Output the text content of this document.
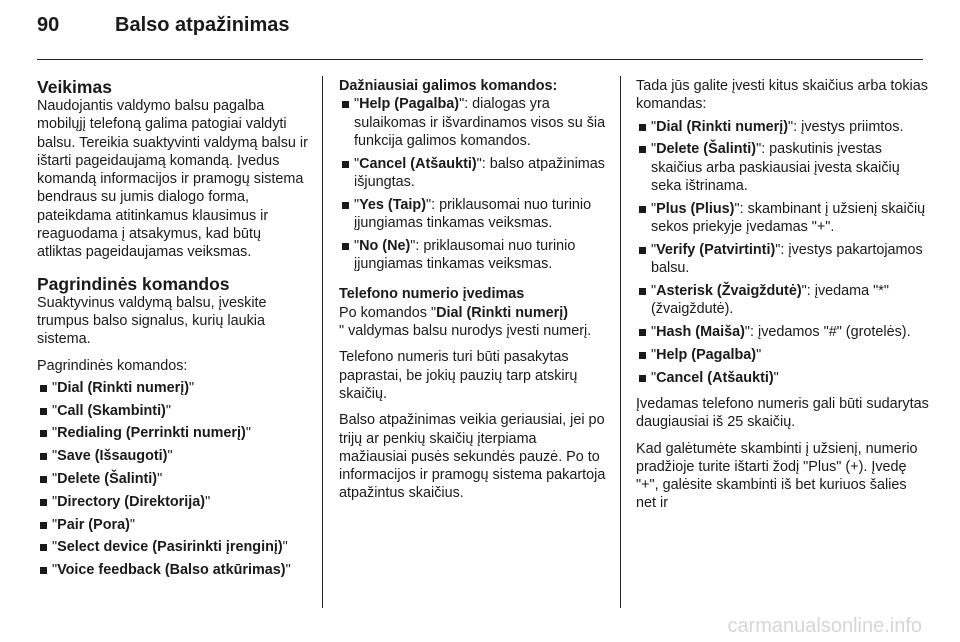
90	Balso atpažinimas
Veikimas

Naudojantis valdymo balsu pagalba mobilųjį telefoną galima patogiai valdyti balsu. Tereikia suaktyvinti valdymą balsu ir ištarti pageidaujamą komandą. Įvedus komandą informacijos ir pramogų sistema bendraus su jumis dialogo forma, pateikdama atitinkamus klausimus ir reaguodama į atsakymus, kad būtų atliktas pageidaujamas veiksmas.

Pagrindinės komandos

Suaktyvinus valdymą balsu, įveskite trumpus balso signalus, kurių laukia sistema.

Pagrindinės komandos:

"Dial (Rinkti numerį)"
"Call (Skambinti)"
"Redialing (Perrinkti numerį)"
"Save (Išsaugoti)"
"Delete (Šalinti)"
"Directory (Direktorija)"
"Pair (Pora)"
"Select device (Pasirinkti įrenginį)"
"Voice feedback (Balso atkūrimas)"
Dažniausiai galimos komandos:
"Help (Pagalba)": dialogas yra sulaikomas ir išvardinamos visos su šia funkcija galimos komandos.
"Cancel (Atšaukti)": balso atpažinimas išjungtas.
"Yes (Taip)": priklausomai nuo turinio įjungiamas tinkamas veiksmas.
"No (Ne)": priklausomai nuo turinio įjungiamas tinkamas veiksmas.
Telefono numerio įvedimas

Po komandos "Dial (Rinkti numerį)
" valdymas balsu nurodys įvesti numerį.

Telefono numeris turi būti pasakytas paprastai, be jokių pauzių tarp atskirų skaičių.

Balso atpažinimas veikia geriausiai, jei po trijų ar penkių skaičių įterpiama mažiausiai pusės sekundės pauzė. Po to informacijos ir pramogų sistema pakartoja atpažintus skaičius.

Tada jūs galite įvesti kitus skaičius arba tokias komandas:

"Dial (Rinkti numerį)": įvestys priimtos.
"Delete (Šalinti)": paskutinis įvestas skaičius arba paskiausiai įvesta skaičių seka ištrinama.
"Plus (Plius)": skambinant į užsienį skaičių sekos priekyje įvedamas "+".
"Verify (Patvirtinti)": įvestys pakartojamos balsu.
"Asterisk (Žvaigždutė)": įvedama "*" (žvaigždutė).
"Hash (Maiša)": įvedamos "#" (grotelės).
"Help (Pagalba)"
"Cancel (Atšaukti)"

Įvedamas telefono numeris gali būti sudarytas daugiausiai iš 25 skaičių.

Kad galėtumėte skambinti į užsienį, numerio pradžioje turite ištarti žodį "Plus" (+). Įvedę "+", galėsite skambinti iš bet kuriuos šalies net ir

carmanualsonline.info
